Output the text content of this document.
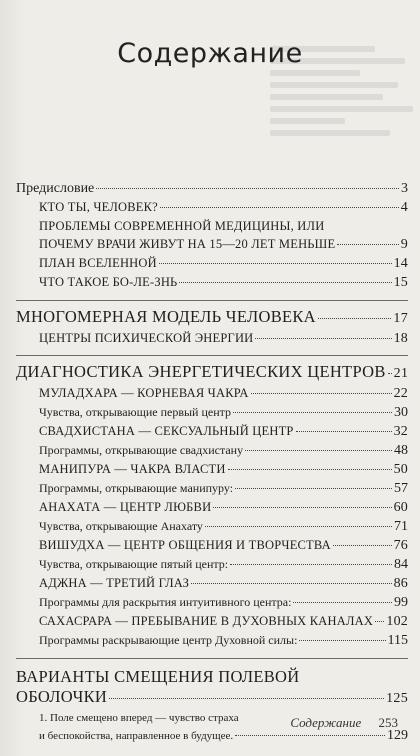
Содержание
Предисловие	3
КТО ТЫ, ЧЕЛОВЕК?	4
ПРОБЛЕМЫ СОВРЕМЕННОЙ МЕДИЦИНЫ, ИЛИ
ПОЧЕМУ ВРАЧИ ЖИВУТ НА 15—20 ЛЕТ МЕНЬШЕ	9
ПЛАН ВСЕЛЕННОЙ	14
ЧТО ТАКОЕ БО-ЛЕ-ЗНЬ	15
МНОГОМЕРНАЯ МОДЕЛЬ ЧЕЛОВЕКА	17
ЦЕНТРЫ ПСИХИЧЕСКОЙ ЭНЕРГИИ	18
ДИАГНОСТИКА ЭНЕРГЕТИЧЕСКИХ ЦЕНТРОВ 21
МУЛАДХАРА — КОРНЕВАЯ ЧАКРА	22
Чувства, открывающие первый центр	30
СВАДХИСТАНА — СЕКСУАЛЬНЫЙ ЦЕНТР	32
Программы, открывающие свадхистану	48
МАНИПУРА — ЧАКРА ВЛАСТИ	50
Программы, открывающие манипуру:	57
АНАХАТА — ЦЕНТР ЛЮБВИ	60
Чувства, открывающие Анахату	71
ВИШУДХА — ЦЕНТР ОБЩЕНИЯ И ТВОРЧЕСТВА	76
Чувства, открывающие пятый центр:	84
АДЖНА — ТРЕТИЙ ГЛАЗ	86
Программы для раскрытия интуитивного центра:	99
САХАСРАРА — ПРЕБЫВАНИЕ В ДУХОВНЫХ КАНАЛАХ 102
Программы раскрывающие центр Духовной силы:	115
ВАРИАНТЫ СМЕЩЕНИЯ ПОЛЕВОЙ
ОБОЛОЧКИ	125
1. Поле смещено вперед — чувство страха
и беспокойства, направленное в будущее.	129
Содержание 253
